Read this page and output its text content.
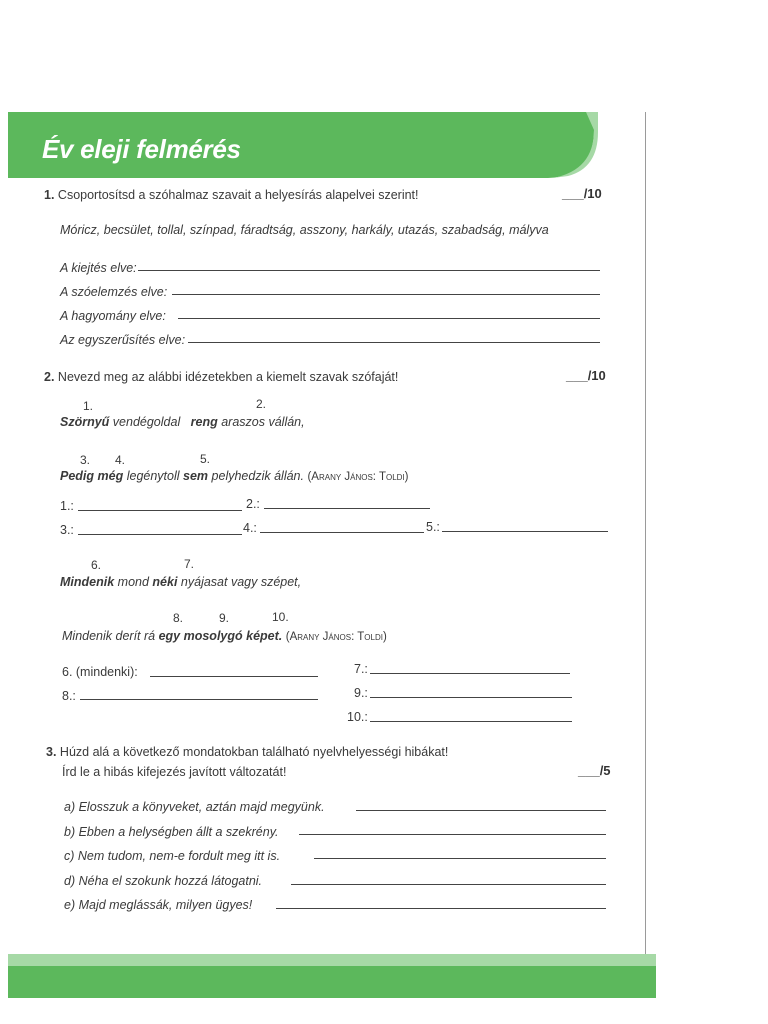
Év eleji felmérés
1. Csoportosítsd a szóhalmaz szavait a helyesírás alapelvei szerint!	___/10
Móricz, becsület, tollal, színpad, fáradtság, asszony, harkály, utazás, szabadság, mályva
A kiejtés elve:
A szóelemzés elve:
A hagyomány elve:
Az egyszerűsítés elve:
2. Nevezd meg az alábbi idézetekben a kiemelt szavak szófaját!	___/10
1.	2.
Szörnyű vendégoldal reng araszos vállán,
3. 4.	5.
Pedig még legénytoll sem pelyhedzik állán. (Arany János: Toldi)
1.:	2.:
3.:	4.:	5.:
6.	7.
Mindenik mond néki nyájasat vagy szépet,
8.	9.	10.
Mindenik derít rá egy mosolygó képet. (Arany János: Toldi)
6. (mindenki):	7.:
8.:	9.:
10.:
3. Húzd alá a következő mondatokban található nyelvhelyességi hibákat!
Írd le a hibás kifejezés javított változatát!	___/5
a) Elosszuk a könyveket, aztán majd megyünk.
b) Ebben a helységben állt a szekrény.
c) Nem tudom, nem-e fordult meg itt is.
d) Néha el szokunk hozzá látogatni.
e) Majd meglássák, milyen ügyes!
